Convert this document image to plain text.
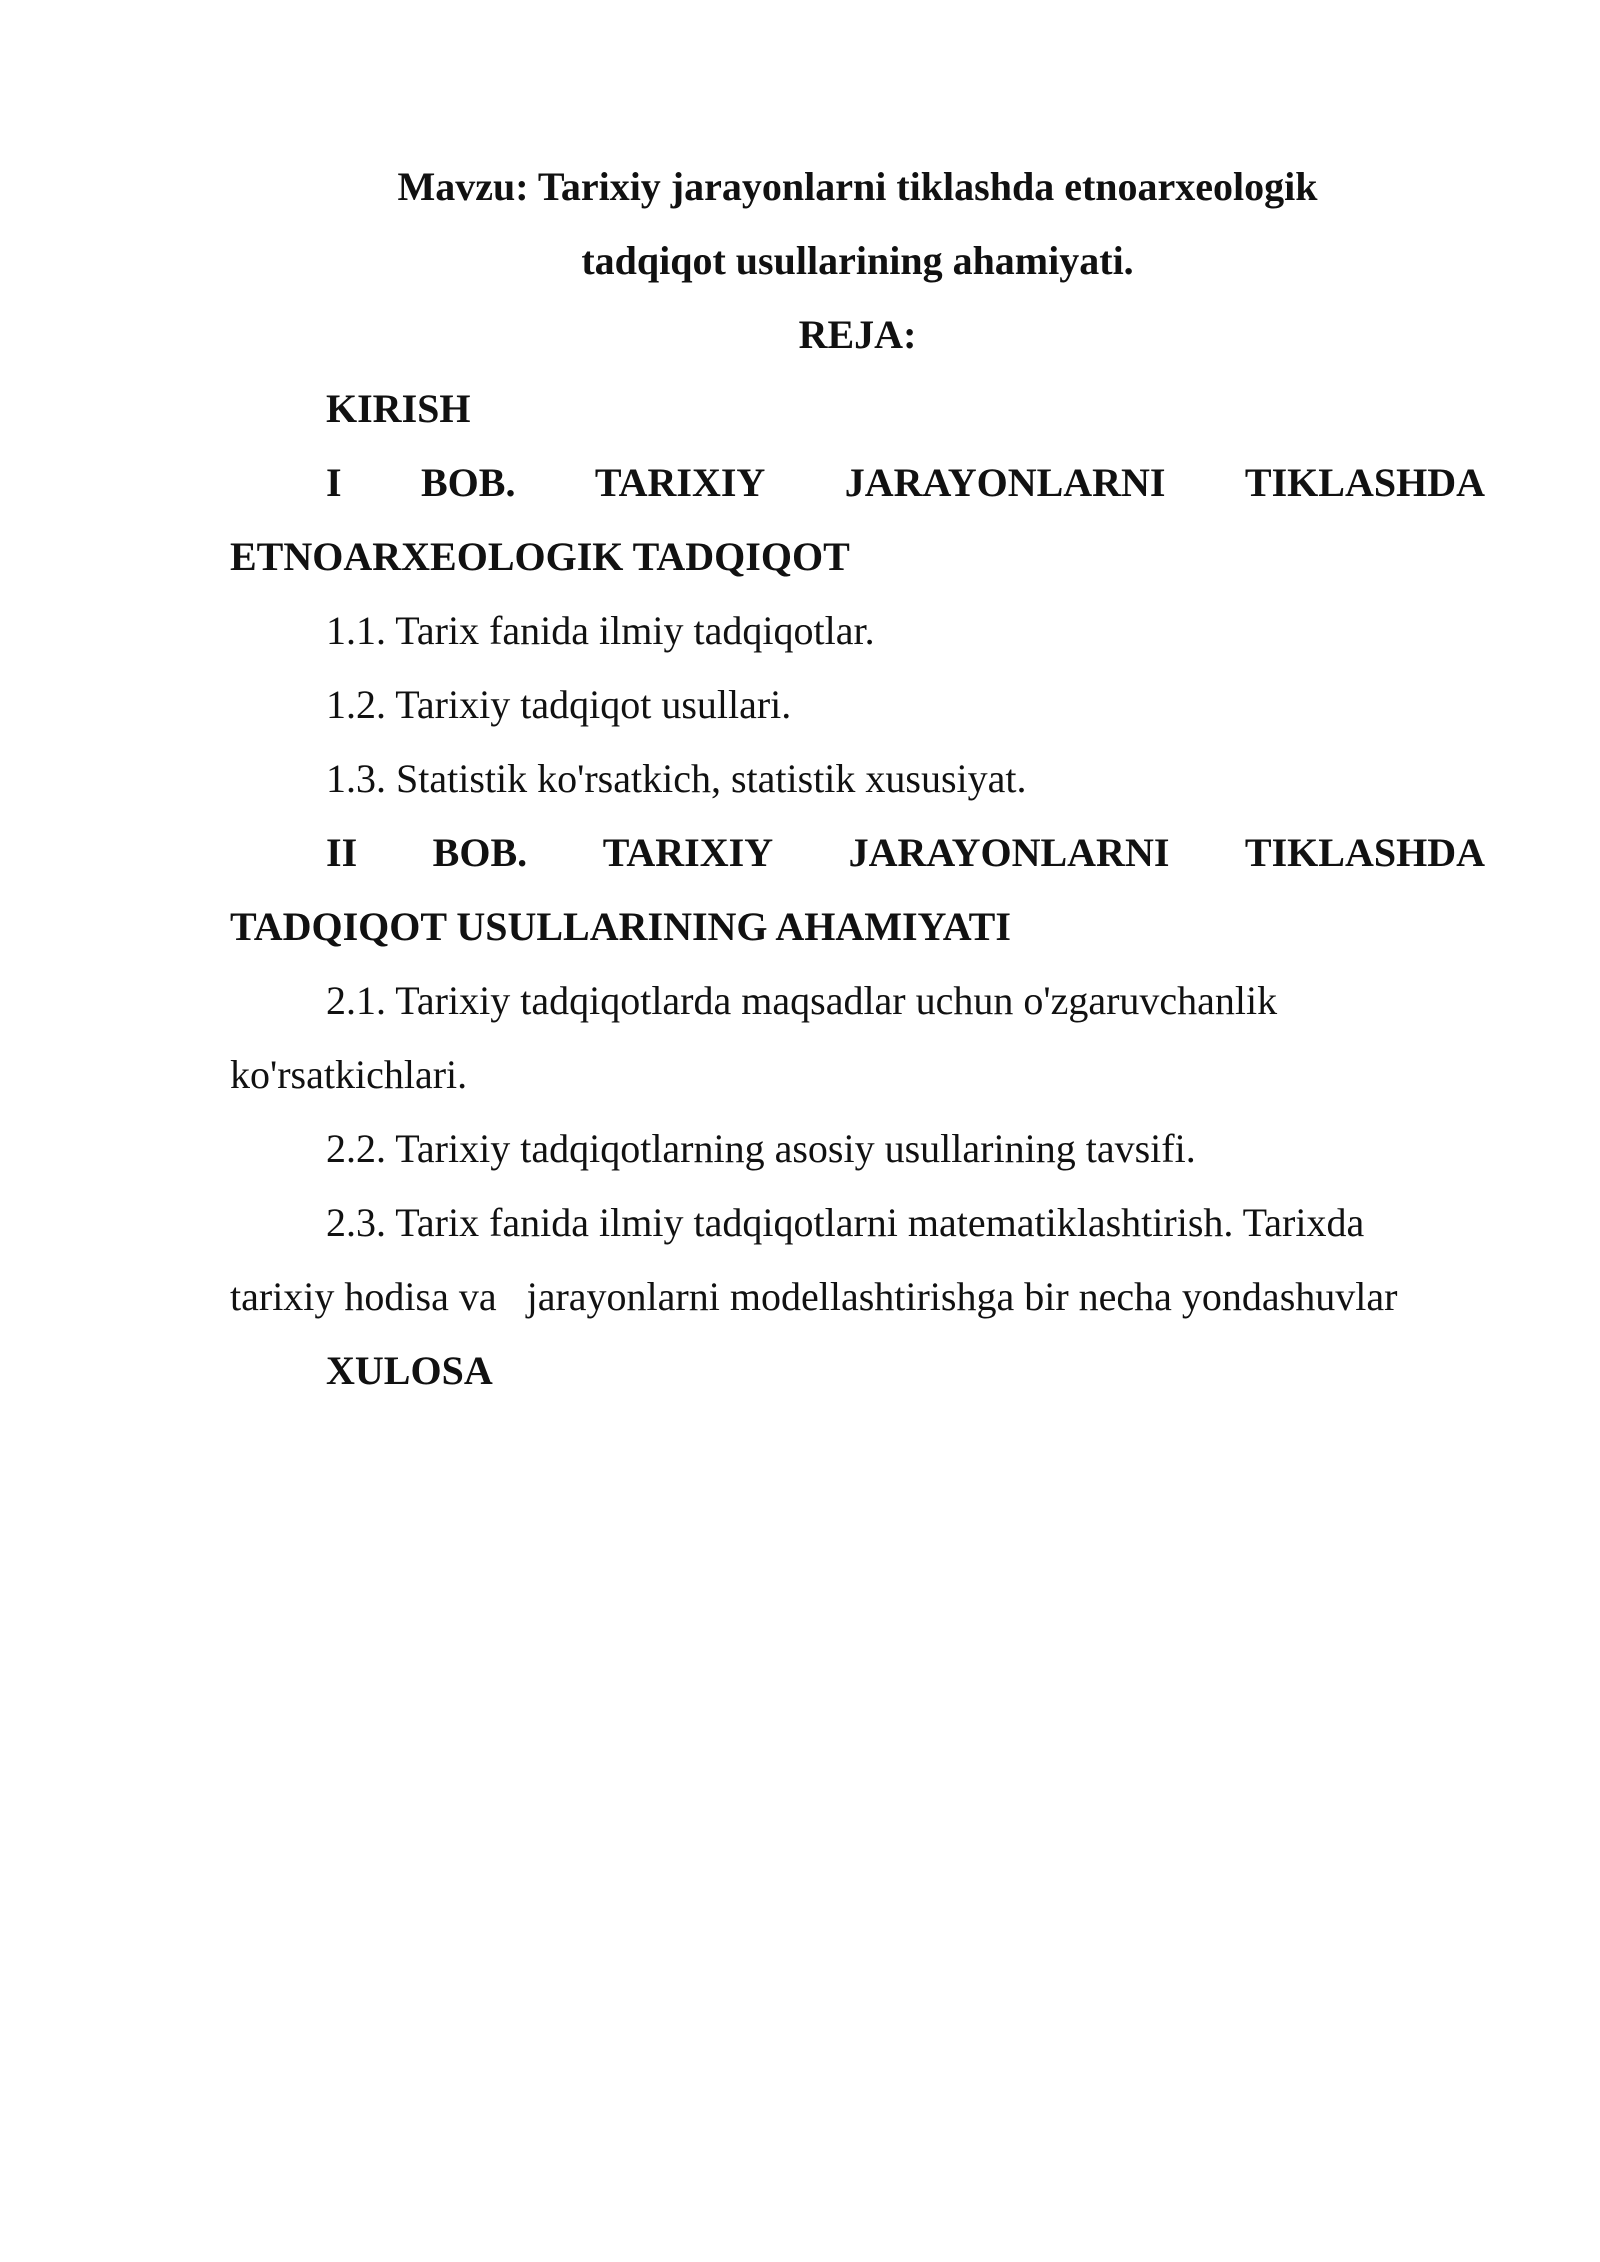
Mavzu: Tarixiy jarayonlarni tiklashda etnoarxeologik
tadqiqot usullarining ahamiyati.
REJA:
KIRISH
I BOB. TARIXIY JARAYONLARNI TIKLASHDA
ETNOARXEOLOGIK TADQIQOT
1.1. Tarix fanida ilmiy tadqiqotlar.
1.2. Tarixiy tadqiqot usullari.
1.3. Statistik ko'rsatkich, statistik xususiyat.
II BOB. TARIXIY JARAYONLARNI TIKLASHDA
TADQIQOT USULLARINING AHAMIYATI
2.1. Tarixiy tadqiqotlarda maqsadlar uchun o'zgaruvchanlik
ko'rsatkichlari.
2.2. Tarixiy tadqiqotlarning asosiy usullarining tavsifi.
2.3. Tarix fanida ilmiy tadqiqotlarni matematiklashtirish. Tarixda
tarixiy hodisa va   jarayonlarni modellashtirishga bir necha yondashuvlar
XULOSA
